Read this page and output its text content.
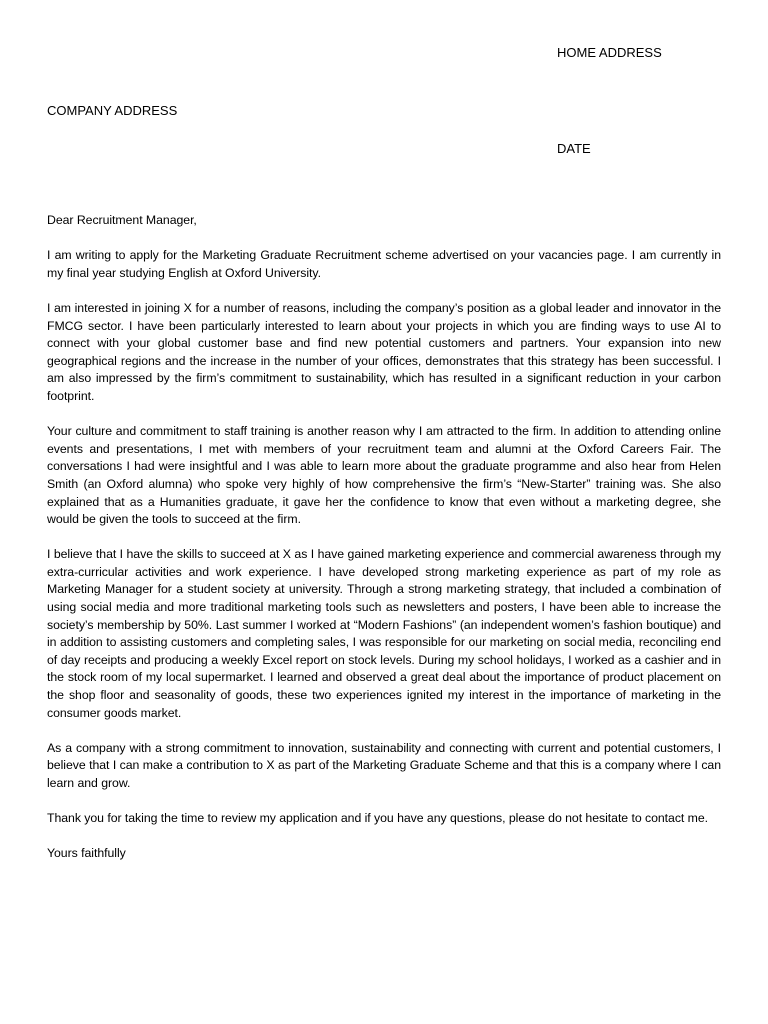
HOME ADDRESS
COMPANY ADDRESS
DATE

Dear Recruitment Manager,

I am writing to apply for the Marketing Graduate Recruitment scheme advertised on your vacancies page. I am currently in my final year studying English at Oxford University.

I am interested in joining X for a number of reasons, including the company’s position as a global leader and innovator in the FMCG sector. I have been particularly interested to learn about your projects in which you are finding ways to use AI to connect with your global customer base and find new potential customers and partners. Your expansion into new geographical regions and the increase in the number of your offices, demonstrates that this strategy has been successful. I am also impressed by the firm’s commitment to sustainability, which has resulted in a significant reduction in your carbon footprint.

Your culture and commitment to staff training is another reason why I am attracted to the firm. In addition to attending online events and presentations, I met with members of your recruitment team and alumni at the Oxford Careers Fair. The conversations I had were insightful and I was able to learn more about the graduate programme and also hear from Helen Smith (an Oxford alumna) who spoke very highly of how comprehensive the firm’s “New-Starter” training was. She also explained that as a Humanities graduate, it gave her the confidence to know that even without a marketing degree, she would be given the tools to succeed at the firm.

I believe that I have the skills to succeed at X as I have gained marketing experience and commercial awareness through my extra-curricular activities and work experience. I have developed strong marketing experience as part of my role as Marketing Manager for a student society at university. Through a strong marketing strategy, that included a combination of using social media and more traditional marketing tools such as newsletters and posters, I have been able to increase the society’s membership by 50%. Last summer I worked at “Modern Fashions” (an independent women’s fashion boutique) and in addition to assisting customers and completing sales, I was responsible for our marketing on social media, reconciling end of day receipts and producing a weekly Excel report on stock levels. During my school holidays, I worked as a cashier and in the stock room of my local supermarket. I learned and observed a great deal about the importance of product placement on the shop floor and seasonality of goods, these two experiences ignited my interest in the importance of marketing in the consumer goods market.

As a company with a strong commitment to innovation, sustainability and connecting with current and potential customers, I believe that I can make a contribution to X as part of the Marketing Graduate Scheme and that this is a company where I can learn and grow.

Thank you for taking the time to review my application and if you have any questions, please do not hesitate to contact me.

Yours faithfully
